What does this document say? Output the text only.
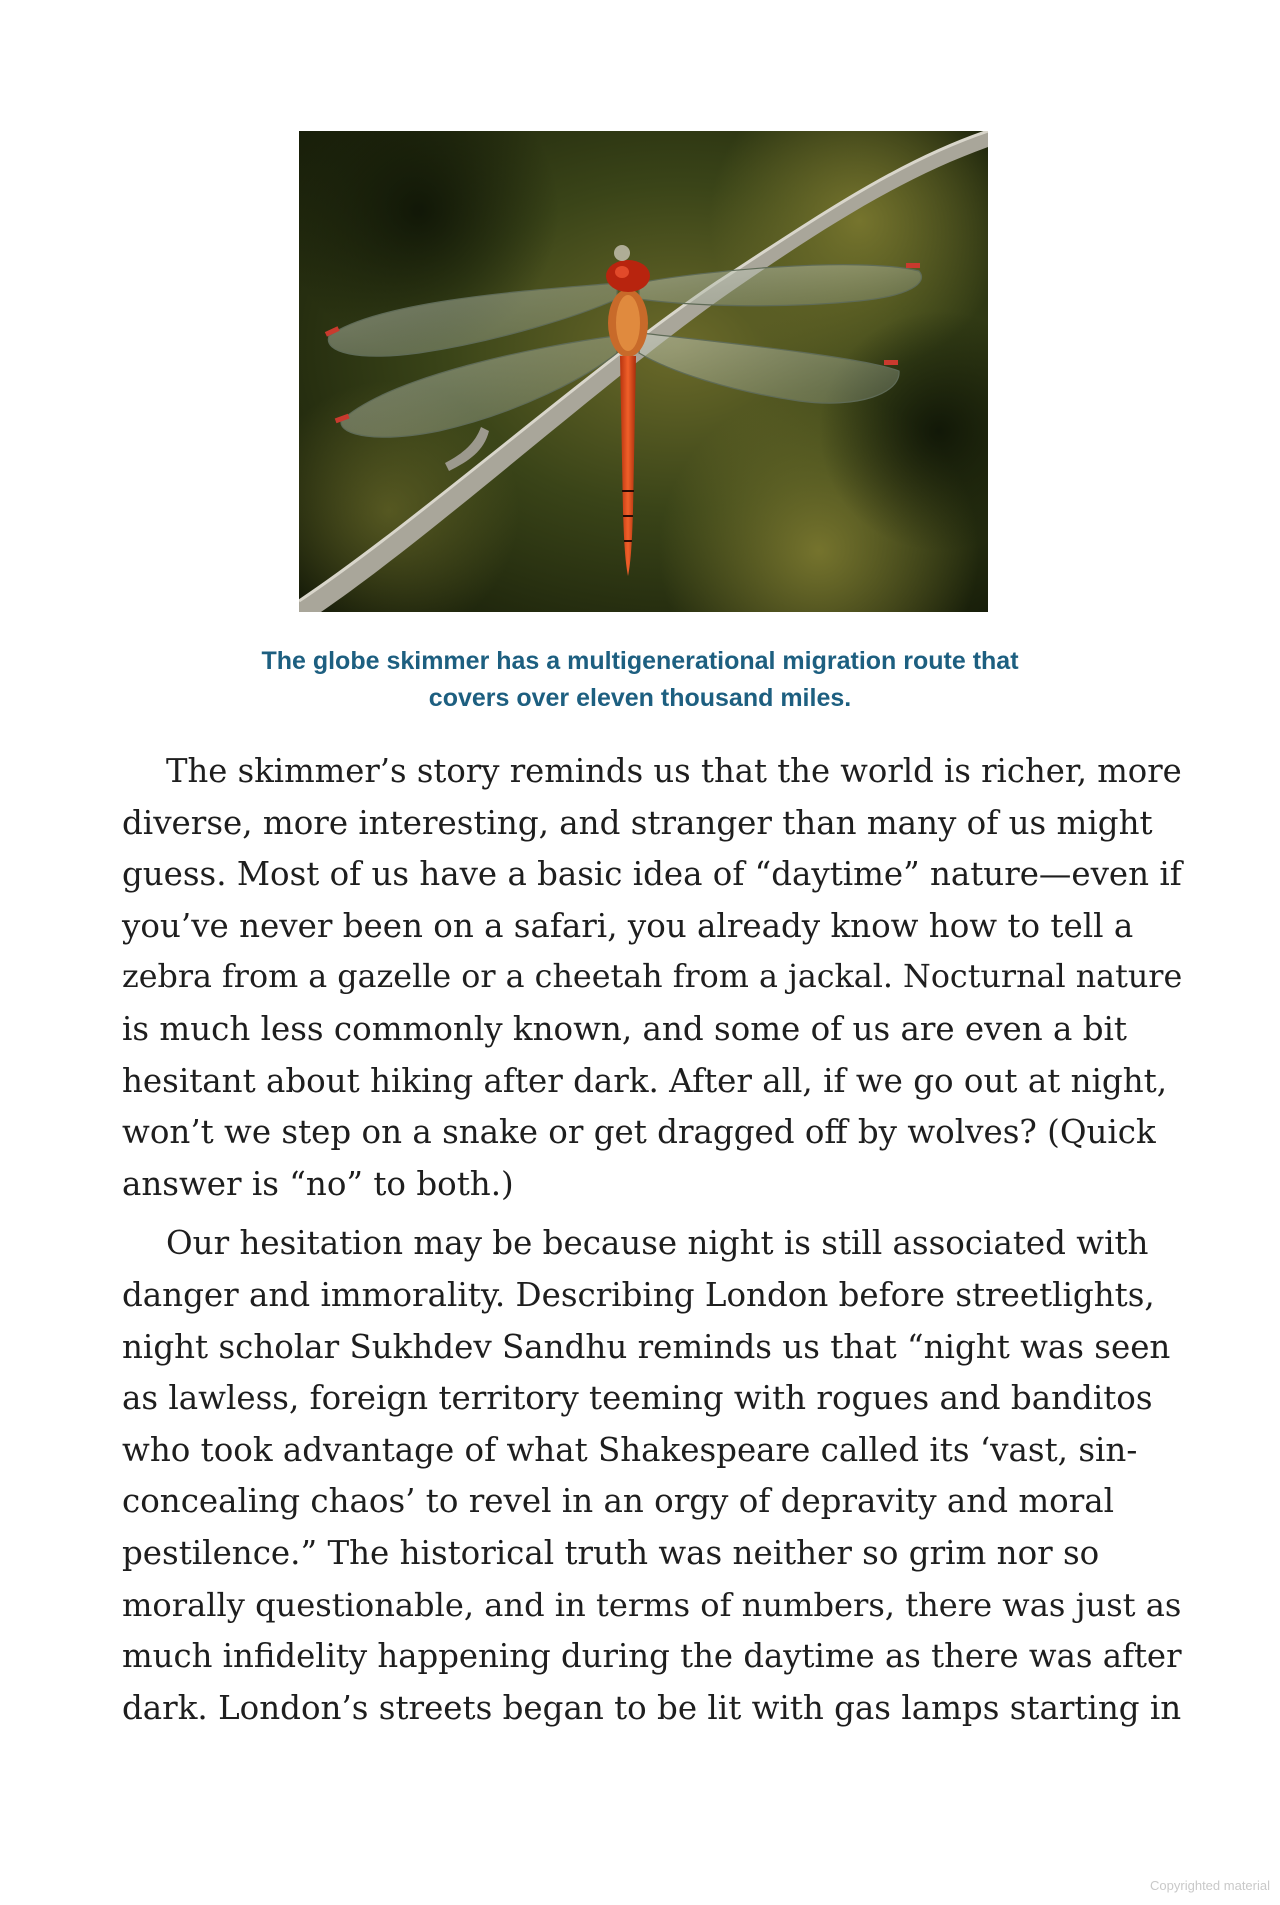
The globe skimmer has a multigenerational migration route that
covers over eleven thousand miles.
The skimmer’s story reminds us that the world is richer, more
diverse, more interesting, and stranger than many of us might
guess. Most of us have a basic idea of “daytime” nature—even if
you’ve never been on a safari, you already know how to tell a
zebra from a gazelle or a cheetah from a jackal. Nocturnal nature
is much less commonly known, and some of us are even a bit
hesitant about hiking after dark. After all, if we go out at night,
won’t we step on a snake or get dragged off by wolves? (Quick
answer is “no” to both.)
Our hesitation may be because night is still associated with
danger and immorality. Describing London before streetlights,
night scholar Sukhdev Sandhu reminds us that “night was seen
as lawless, foreign territory teeming with rogues and banditos
who took advantage of what Shakespeare called its ‘vast, sin-
concealing chaos’ to revel in an orgy of depravity and moral
pestilence.” The historical truth was neither so grim nor so
morally questionable, and in terms of numbers, there was just as
much infidelity happening during the daytime as there was after
dark. London’s streets began to be lit with gas lamps starting in
Copyrighted material
